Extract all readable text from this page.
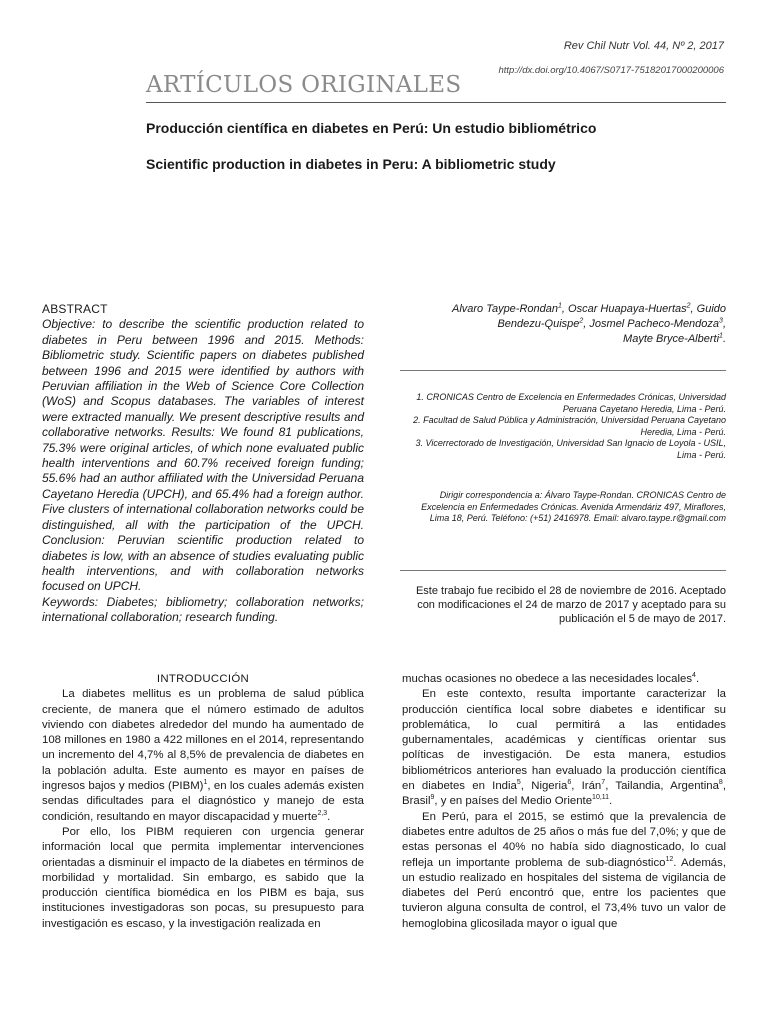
Rev Chil Nutr Vol. 44, Nº 2, 2017
http://dx.doi.org/10.4067/S0717-75182017000200006
ARTÍCULOS ORIGINALES
Producción científica en diabetes en Perú: Un estudio bibliométrico
Scientific production in diabetes in Peru: A bibliometric study
ABSTRACT
Objective: to describe the scientific production related to diabetes in Peru between 1996 and 2015. Methods: Bibliometric study. Scientific papers on diabetes published between 1996 and 2015 were identified by authors with Peruvian affiliation in the Web of Science Core Collection (WoS) and Scopus databases. The variables of interest were extracted manually. We present descriptive results and collaborative networks. Results: We found 81 publications, 75.3% were original articles, of which none evaluated public health interventions and 60.7% received foreign funding; 55.6% had an author affiliated with the Universidad Peruana Cayetano Heredia (UPCH), and 65.4% had a foreign author. Five clusters of international collaboration networks could be distinguished, all with the participation of the UPCH. Conclusion: Peruvian scientific production related to diabetes is low, with an absence of studies evaluating public health interventions, and with collaboration networks focused on UPCH.
Keywords: Diabetes; bibliometry; collaboration networks; international collaboration; research funding.
Alvaro Taype-Rondan$^1$, Oscar Huapaya-Huertas$^2$, Guido
Bendezu-Quispe$^2$, Josmel Pacheco-Mendoza$^3$,
Mayte Bryce-Alberti$^1$.

1. CRONICAS Centro de Excelencia en Enfermedades Crónicas, Universidad Peruana Cayetano Heredia, Lima - Perú.

2. Facultad de Salud Pública y Administración, Universidad Peruana Cayetano Heredia, Lima - Perú.

3. Vicerrectorado de Investigación, Universidad San Ignacio de Loyola - USIL, Lima - Perú.

Dirigir correspondencia a: Álvaro Taype-Rondan. CRONICAS Centro de Excelencia en Enfermedades Crónicas. Avenida Armendáriz 497, Miraflores, Lima 18, Perú. Teléfono: (+51) 2416978. Email: alvaro.taype.r@gmail.com
Este trabajo fue recibido el 28 de noviembre de 2016. Aceptado con modificaciones el 24 de marzo de 2017 y aceptado para su publicación el 5 de mayo de 2017.
INTRODUCCIÓN

La diabetes mellitus es un problema de salud pública creciente, de manera que el número estimado de adultos viviendo con diabetes alrededor del mundo ha aumentado de 108 millones en 1980 a 422 millones en el 2014, representando un incremento del 4,7% al 8,5% de prevalencia de diabetes en la población adulta. Este aumento es mayor en países de ingresos bajos y medios (PIBM)$^1$, en los cuales además existen sendas dificultades para el diagnóstico y manejo de esta condición, resultando en mayor discapacidad y muerte$^{2,3}$.

Por ello, los PIBM requieren con urgencia generar información local que permita implementar intervenciones orientadas a disminuir el impacto de la diabetes en términos de morbilidad y mortalidad. Sin embargo, es sabido que la producción científica biomédica en los PIBM es baja, sus instituciones investigadoras son pocas, su presupuesto para investigación es escaso, y la investigación realizada en

muchas ocasiones no obedece a las necesidades locales$^4$.

En este contexto, resulta importante caracterizar la producción científica local sobre diabetes e identificar su problemática, lo cual permitirá a las entidades gubernamentales, académicas y científicas orientar sus políticas de investigación. De esta manera, estudios bibliométricos anteriores han evaluado la producción científica en diabetes en India$^5$, Nigeria$^6$, Irán$^7$, Tailandia, Argentina$^8$, Brasil$^9$, y en países del Medio Oriente$^{10,11}$.

En Perú, para el 2015, se estimó que la prevalencia de diabetes entre adultos de 25 años o más fue del 7,0%; y que de estas personas el 40% no había sido diagnosticado, lo cual refleja un importante problema de sub-diagnóstico$^{12}$. Además, un estudio realizado en hospitales del sistema de vigilancia de diabetes del Perú encontró que, entre los pacientes que tuvieron alguna consulta de control, el 73,4% tuvo un valor de hemoglobina glicosilada mayor o igual que
